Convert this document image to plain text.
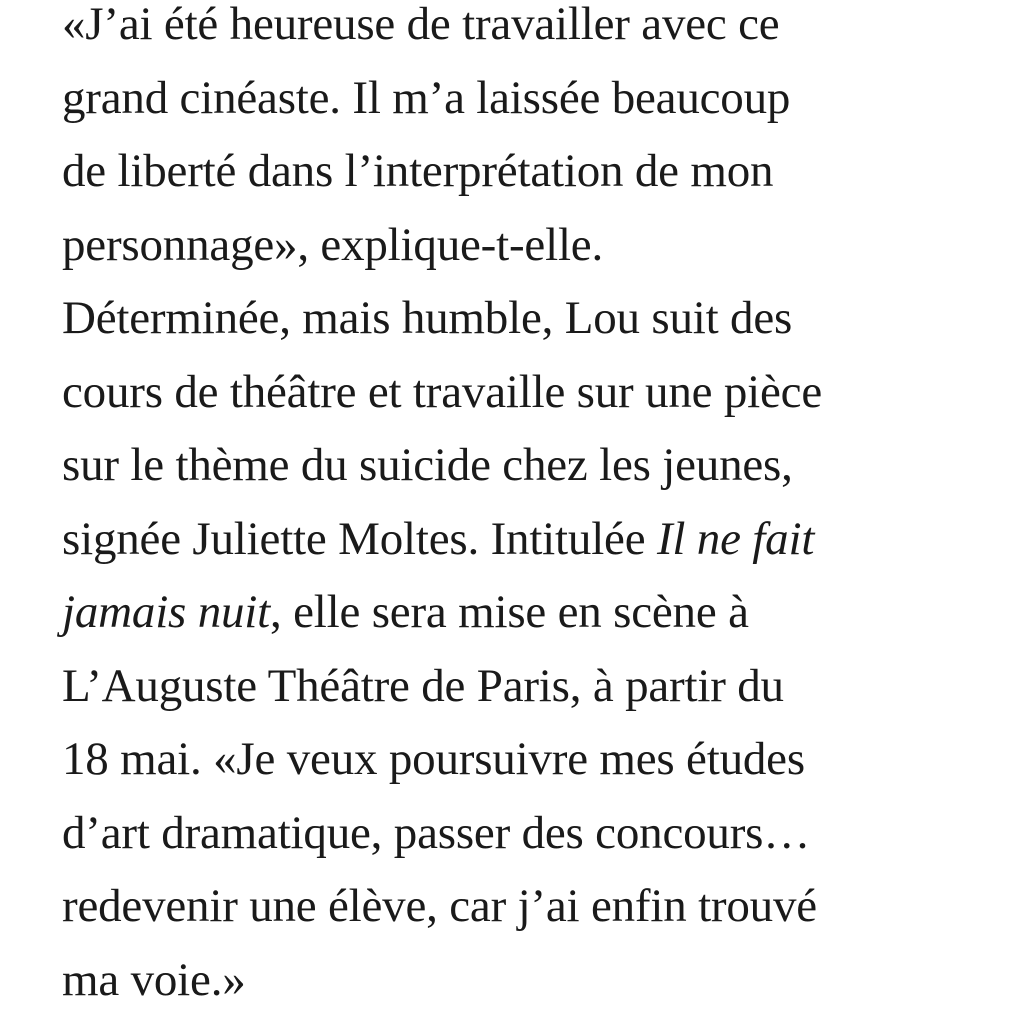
«J’ai été heureuse de travailler avec ce
grand cinéaste. Il m’a laissée beaucoup
de liberté dans l’interprétation de mon
personnage», explique-t-elle.
Déterminée, mais humble, Lou suit des
cours de théâtre et travaille sur une pièce
sur le thème du suicide chez les jeunes,
signée Juliette Moltes. Intitulée Il ne fait
jamais nuit, elle sera mise en scène à
L’Auguste Théâtre de Paris, à partir du
18 mai. «Je veux poursuivre mes études
d’art dramatique, passer des concours…
redevenir une élève, car j’ai enfin trouvé
ma voie.»
